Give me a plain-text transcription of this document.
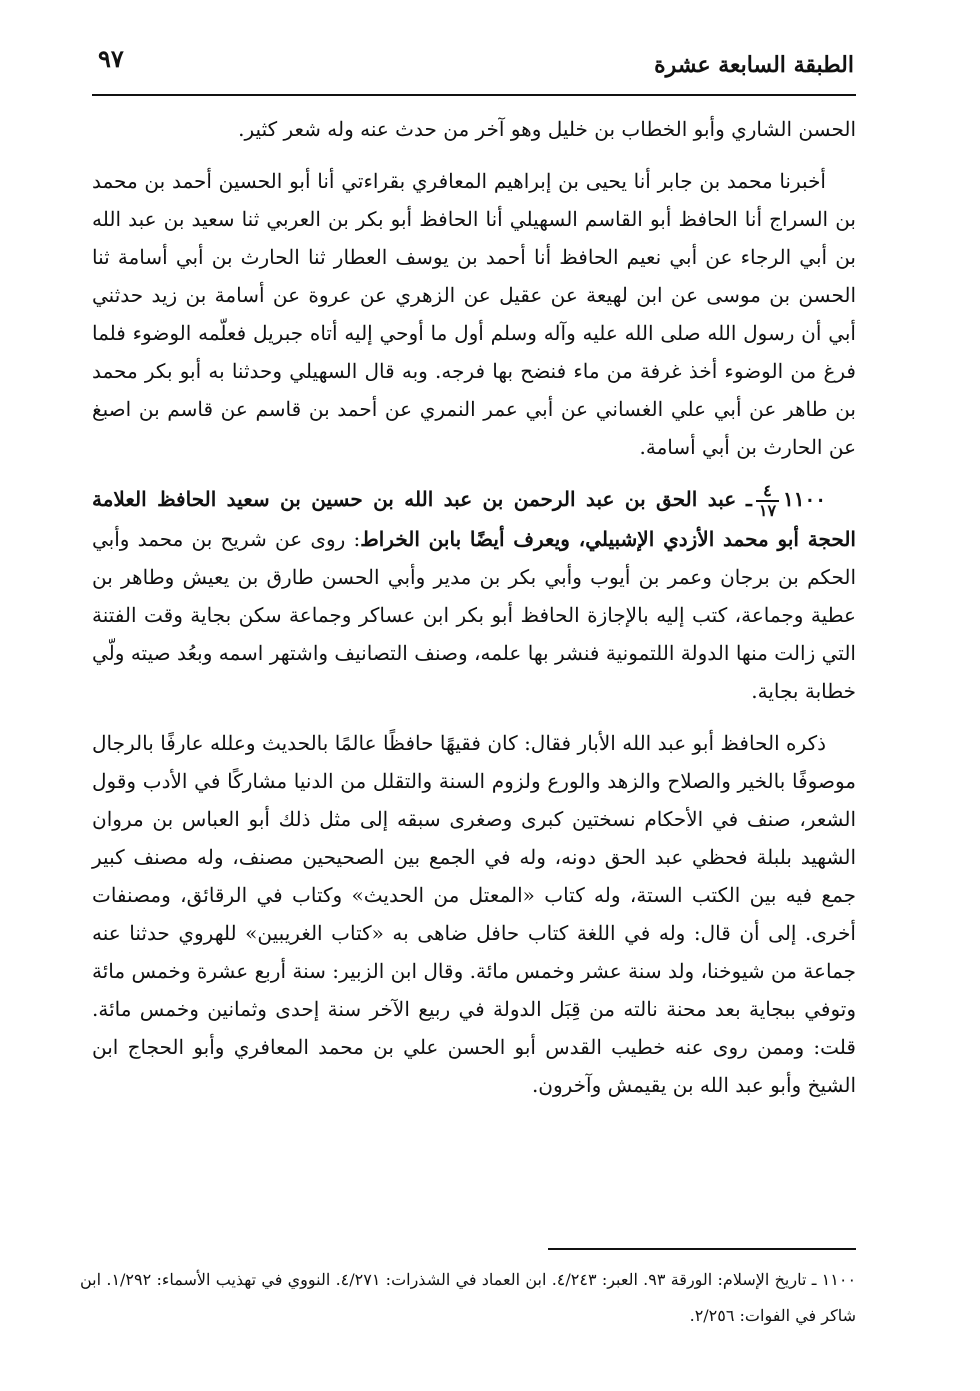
الطبقة السابعة عشرة
٩٧

الحسن الشاري وأبو الخطاب بن خليل وهو آخر من حدث عنه وله شعر كثير.

أخبرنا محمد بن جابر أنا يحيى بن إبراهيم المعافري بقراءتي أنا أبو الحسين أحمد بن محمد بن السراج أنا الحافظ أبو القاسم السهيلي أنا الحافظ أبو بكر بن العربي ثنا سعيد بن عبد الله بن أبي الرجاء عن أبي نعيم الحافظ أنا أحمد بن يوسف العطار ثنا الحارث بن أبي أسامة ثنا الحسن بن موسى عن ابن لهيعة عن عقيل عن الزهري عن عروة عن أسامة بن زيد حدثني أبي أن رسول الله صلى الله عليه وآله وسلم أول ما أوحي إليه أتاه جبريل فعلّمه الوضوء فلما فرغ من الوضوء أخذ غرفة من ماء فنضح بها فرجه. وبه قال السهيلي وحدثنا به أبو بكر محمد بن طاهر عن أبي علي الغساني عن أبي عمر النمري عن أحمد بن قاسم عن قاسم بن اصبغ عن الحارث بن أبي أسامة.

١١٠٠
$\frac{٤}{١٧}$
ـ عبد الحق بن عبد الرحمن بن عبد الله بن حسين بن سعيد الحافظ العلامة الحجة أبو محمد الأزدي الإشبيلي، ويعرف أيضًا بابن الخراط: روى عن شريح بن محمد وأبي الحكم بن برجان وعمر بن أيوب وأبي بكر بن مدير وأبي الحسن طارق بن يعيش وطاهر بن عطية وجماعة، كتب إليه بالإجازة الحافظ أبو بكر ابن عساكر وجماعة سكن بجاية وقت الفتنة التي زالت منها الدولة اللتمونية فنشر بها علمه، وصنف التصانيف واشتهر اسمه وبعُد صيته ولّي خطابة بجاية.

ذكره الحافظ أبو عبد الله الأبار فقال: كان فقيهًا حافظًا عالمًا بالحديث وعلله عارفًا بالرجال موصوفًا بالخير والصلاح والزهد والورع ولزوم السنة والتقلل من الدنيا مشاركًا في الأدب وقول الشعر، صنف في الأحكام نسختين كبرى وصغرى سبقه إلى مثل ذلك أبو العباس بن مروان الشهيد بلبلة فحظي عبد الحق دونه، وله في الجمع بين الصحيحين مصنف، وله مصنف كبير جمع فيه بين الكتب الستة، وله كتاب «المعتل من الحديث» وكتاب في الرقائق، ومصنفات أخرى. إلى أن قال: وله في اللغة كتاب حافل ضاهى به «كتاب الغريبين» للهروي حدثنا عنه جماعة من شيوخنا، ولد سنة عشر وخمس مائة. وقال ابن الزبير: سنة أربع عشرة وخمس مائة وتوفي ببجاية بعد محنة نالته من قِبَل الدولة في ربيع الآخر سنة إحدى وثمانين وخمس مائة. قلت: وممن روى عنه خطيب القدس أبو الحسن علي بن محمد المعافري وأبو الحجاج ابن الشيخ وأبو عبد الله بن يقيمش وآخرون.

١١٠٠ ـ تاريخ الإسلام: الورقة ٩٣. العبر: ٤/٢٤٣. ابن العماد في الشذرات: ٤/٢٧١. النووي في تهذيب الأسماء: ١/٢٩٢. ابن شاكر في الفوات: ٢/٢٥٦.
